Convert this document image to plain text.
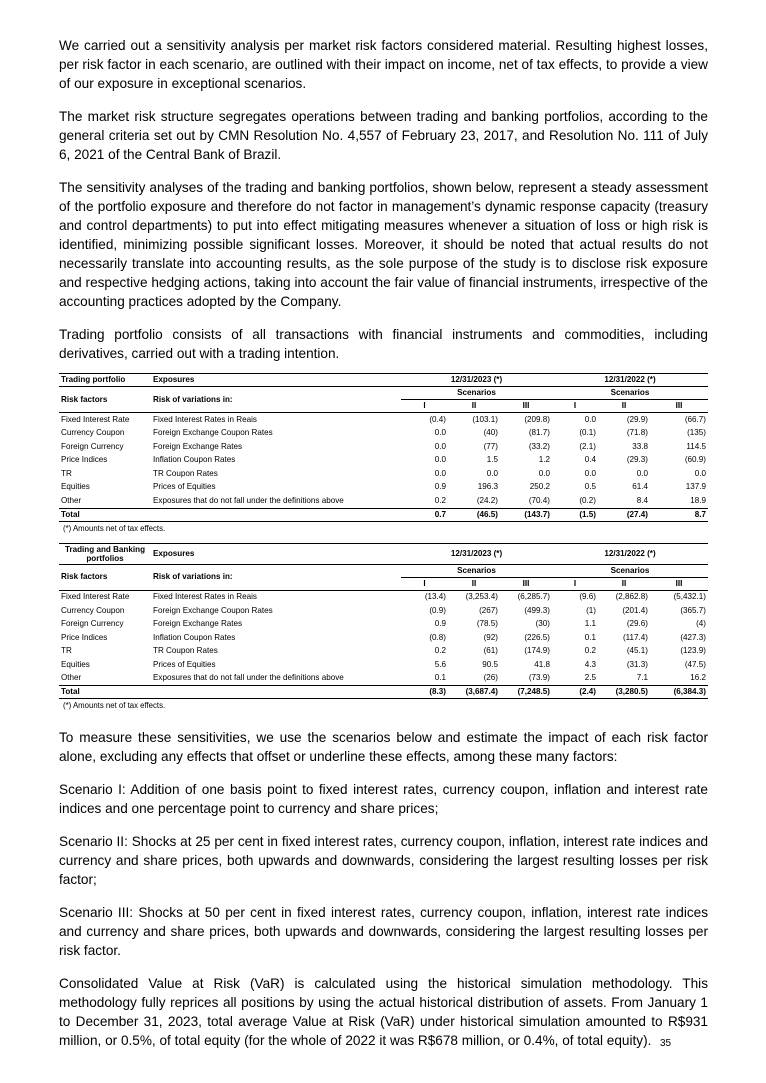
We carried out a sensitivity analysis per market risk factors considered material. Resulting highest losses, per risk factor in each scenario, are outlined with their impact on income, net of tax effects, to provide a view of our exposure in exceptional scenarios.

The market risk structure segregates operations between trading and banking portfolios, according to the general criteria set out by CMN Resolution No. 4,557 of February 23, 2017, and Resolution No. 111 of July 6, 2021 of the Central Bank of Brazil.

The sensitivity analyses of the trading and banking portfolios, shown below, represent a steady assessment of the portfolio exposure and therefore do not factor in management’s dynamic response capacity (treasury and control departments) to put into effect mitigating measures whenever a situation of loss or high risk is identified, minimizing possible significant losses. Moreover, it should be noted that actual results do not necessarily translate into accounting results, as the sole purpose of the study is to disclose risk exposure and respective hedging actions, taking into account the fair value of financial instruments, irrespective of the accounting practices adopted by the Company.

Trading portfolio consists of all transactions with financial instruments and commodities, including derivatives, carried out with a trading intention.

Trading portfolio	Exposures	12/31/2023 (*)			12/31/2022 (*)		
Risk factors	Risk of variations in:	Scenarios			Scenarios		
		I	II	III	I	II	III
Fixed Interest Rate	Fixed Interest Rates in Reais	(0.4)	(103.1)	(209.8)	0.0	(29.9)	(66.7)
Currency Coupon	Foreign Exchange Coupon Rates	0.0	(40)	(81.7)	(0.1)	(71.8)	(135)
Foreign Currency	Foreign Exchange Rates	0.0	(77)	(33.2)	(2.1)	33.8	114.5
Price Indices	Inflation Coupon Rates	0.0	1.5	1.2	0.4	(29.3)	(60.9)
TR	TR Coupon Rates	0.0	0.0	0.0	0.0	0.0	0.0
Equities	Prices of Equities	0.9	196.3	250.2	0.5	61.4	137.9
Other	Exposures that do not fall under the definitions above	0.2	(24.2)	(70.4)	(0.2)	8.4	18.9
Total		0.7	(46.5)	(143.7)	(1.5)	(27.4)	8.7
(*) Amounts net of tax effects.
Trading and Banking portfolios	Exposures	12/31/2023 (*)			12/31/2022 (*)		
Risk factors	Risk of variations in:	Scenarios			Scenarios		
		I	II	III	I	II	III
Fixed Interest Rate	Fixed Interest Rates in Reais	(13.4)	(3,253.4)	(6,285.7)	(9.6)	(2,862.8)	(5,432.1)
Currency Coupon	Foreign Exchange Coupon Rates	(0.9)	(267)	(499.3)	(1)	(201.4)	(365.7)
Foreign Currency	Foreign Exchange Rates	0.9	(78.5)	(30)	1.1	(29.6)	(4)
Price Indices	Inflation Coupon Rates	(0.8)	(92)	(226.5)	0.1	(117.4)	(427.3)
TR	TR Coupon Rates	0.2	(61)	(174.9)	0.2	(45.1)	(123.9)
Equities	Prices of Equities	5.6	90.5	41.8	4.3	(31.3)	(47.5)
Other	Exposures that do not fall under the definitions above	0.1	(26)	(73.9)	2.5	7.1	16.2
Total		(8.3)	(3,687.4)	(7,248.5)	(2.4)	(3,280.5)	(6,384.3)
(*) Amounts net of tax effects.

To measure these sensitivities, we use the scenarios below and estimate the impact of each risk factor alone, excluding any effects that offset or underline these effects, among these many factors:

Scenario I: Addition of one basis point to fixed interest rates, currency coupon, inflation and interest rate indices and one percentage point to currency and share prices;

Scenario II: Shocks at 25 per cent in fixed interest rates, currency coupon, inflation, interest rate indices and currency and share prices, both upwards and downwards, considering the largest resulting losses per risk factor;

Scenario III: Shocks at 50 per cent in fixed interest rates, currency coupon, inflation, interest rate indices and currency and share prices, both upwards and downwards, considering the largest resulting losses per risk factor.

Consolidated Value at Risk (VaR) is calculated using the historical simulation methodology. This methodology fully reprices all positions by using the actual historical distribution of assets. From January 1 to December 31, 2023, total average Value at Risk (VaR) under historical simulation amounted to R$931 million, or 0.5%, of total equity (for the whole of 2022 it was R$678 million, or 0.4%, of total equity). 35
